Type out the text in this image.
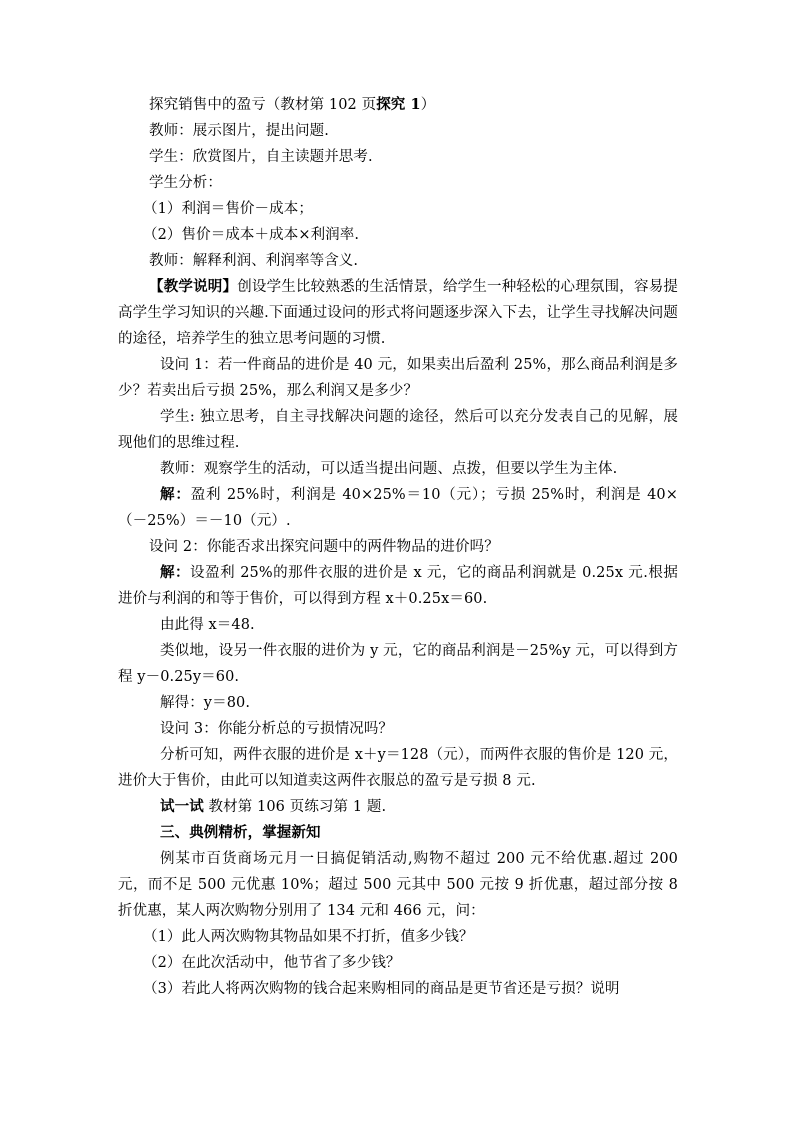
探究销售中的盈亏（教材第 102 页探究 1）

教师：展示图片，提出问题.

学生：欣赏图片，自主读题并思考.

学生分析：

（1）利润＝售价－成本；

（2）售价＝成本＋成本×利润率.

教师：解释利润、利润率等含义.

【教学说明】创设学生比较熟悉的生活情景，给学生一种轻松的心理氛围，容易提高学生学习知识的兴趣.下面通过设问的形式将问题逐步深入下去，让学生寻找解决问题的途径，培养学生的独立思考问题的习惯.

设问 1：若一件商品的进价是 40 元，如果卖出后盈利 25%，那么商品利润是多少？若卖出后亏损 25%，那么利润又是多少？

学生: 独立思考，自主寻找解决问题的途径，然后可以充分发表自己的见解，展现他们的思维过程.

教师：观察学生的活动，可以适当提出问题、点拨，但要以学生为主体.

解：盈利 25%时，利润是 40×25%＝10（元）；亏损 25%时，利润是 40×（－25%）＝－10（元）.

设问 2：你能否求出探究问题中的两件物品的进价吗？

解：设盈利 25%的那件衣服的进价是 x 元，它的商品利润就是 0.25x 元.根据进价与利润的和等于售价，可以得到方程 x＋0.25x＝60.

由此得 x＝48.

类似地，设另一件衣服的进价为 y 元，它的商品利润是－25%y 元，可以得到方程 y－0.25y＝60.

解得：y＝80.

设问 3：你能分析总的亏损情况吗？

分析可知，两件衣服的进价是 x＋y＝128（元），而两件衣服的售价是 120 元，进价大于售价，由此可以知道卖这两件衣服总的盈亏是亏损 8 元.

试一试 教材第 106 页练习第 1 题.

三、典例精析，掌握新知

例某市百货商场元月一日搞促销活动,购物不超过 200 元不给优惠.超过 200 元，而不足 500 元优惠 10%；超过 500 元其中 500 元按 9 折优惠，超过部分按 8 折优惠，某人两次购物分别用了 134 元和 466 元，问：

（1）此人两次购物其物品如果不打折，值多少钱？

（2）在此次活动中，他节省了多少钱？

（3）若此人将两次购物的钱合起来购相同的商品是更节省还是亏损？说明
